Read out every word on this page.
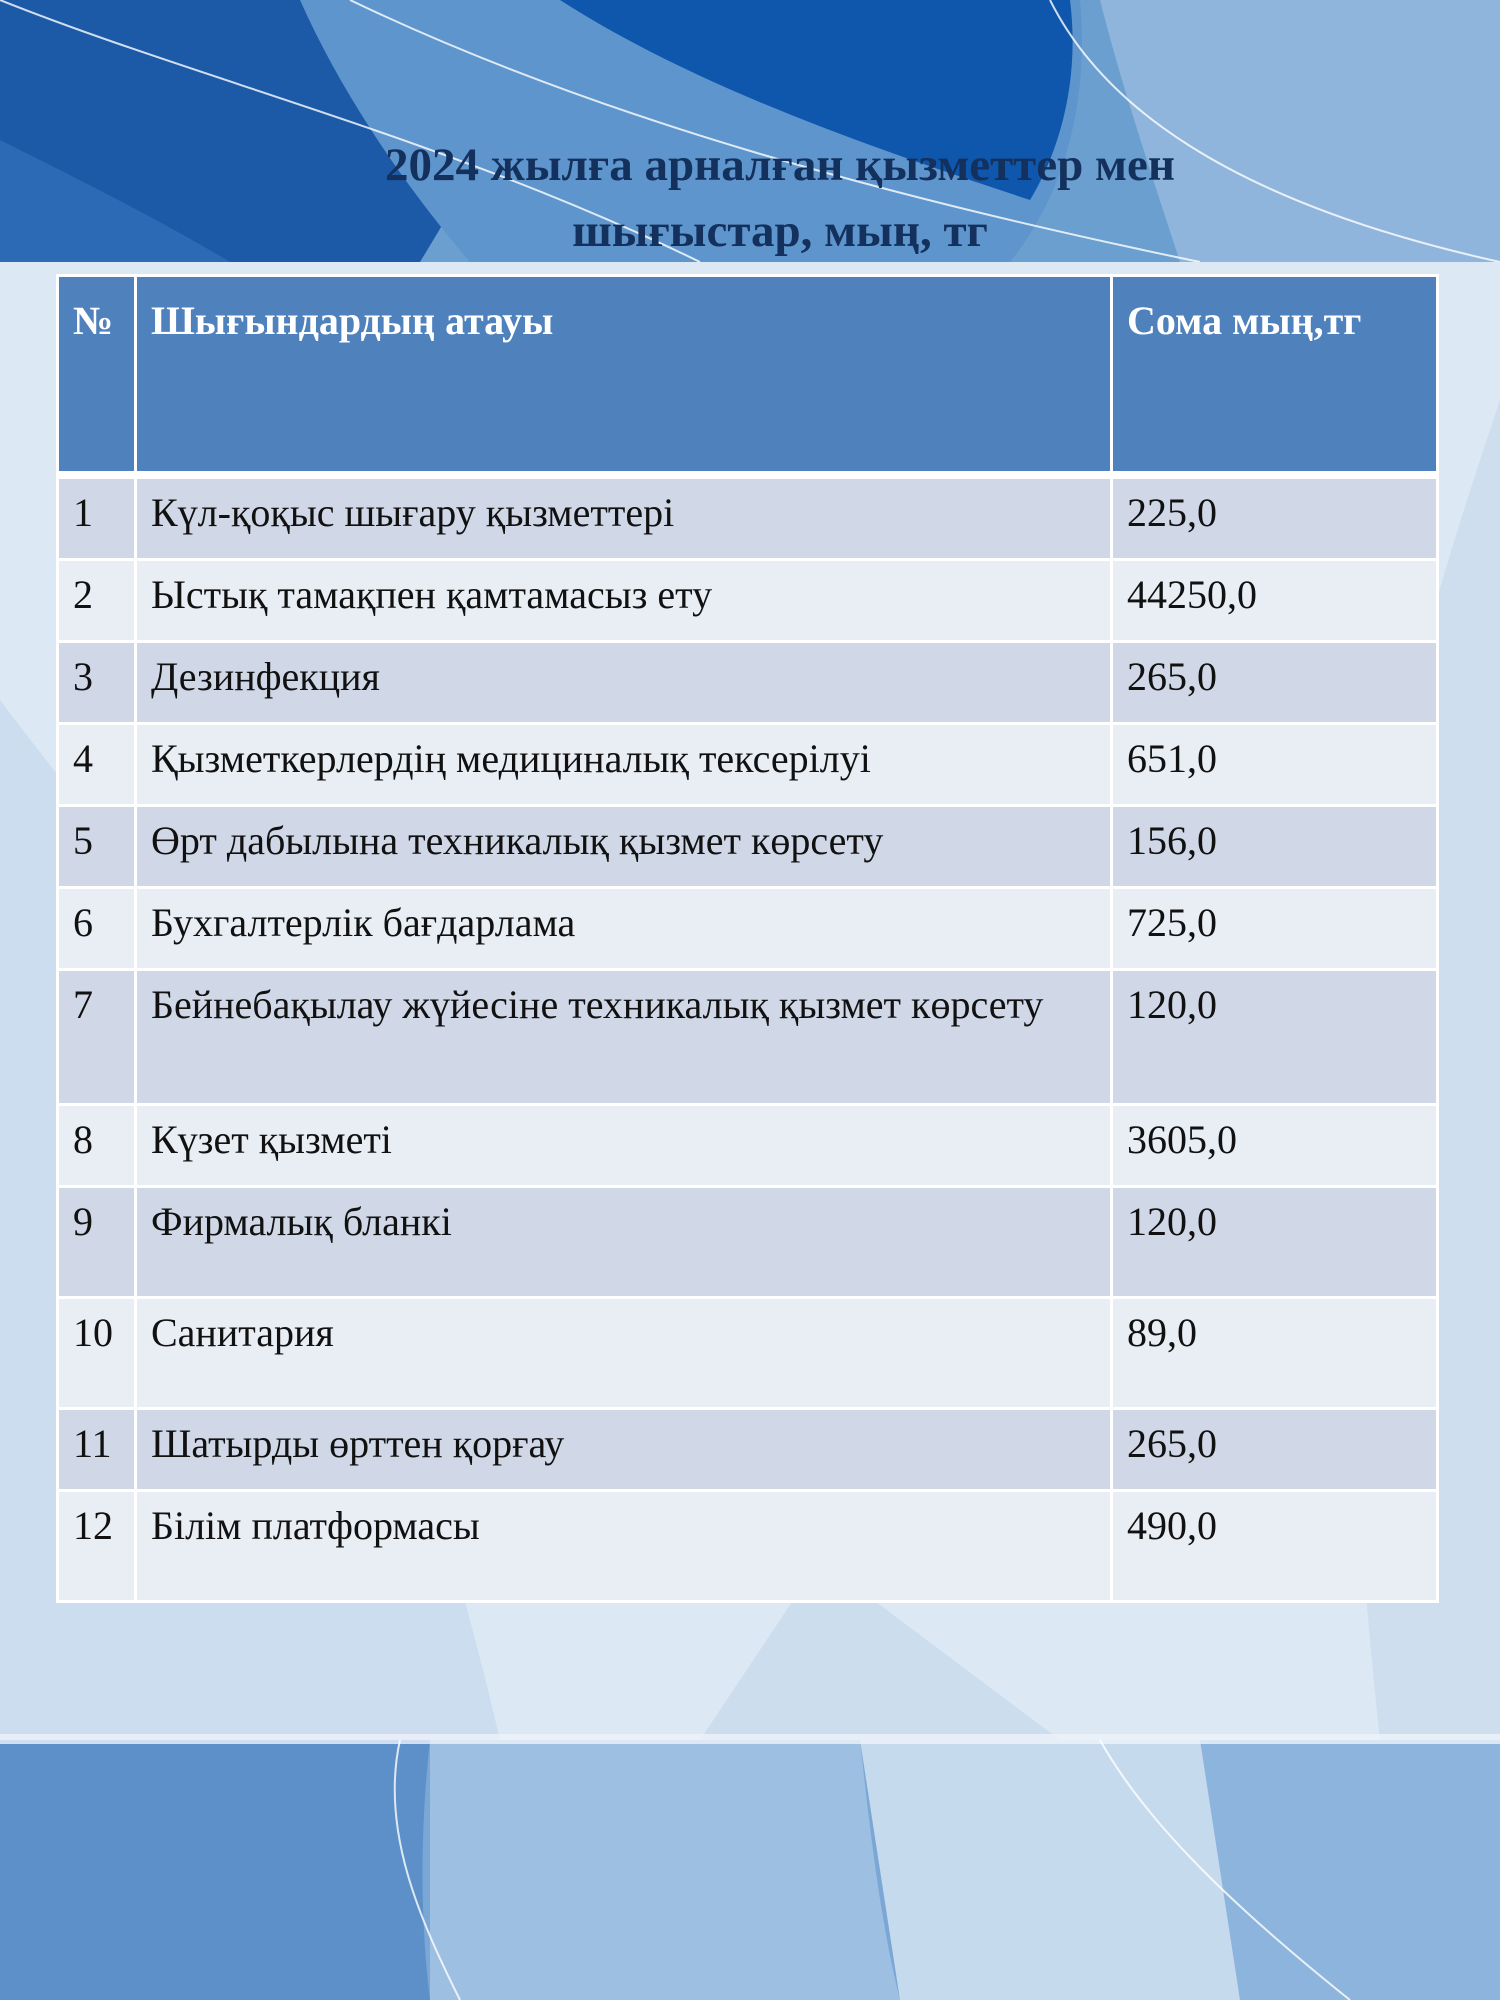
2024 жылға арналған қызметтер мен
шығыстар, мың, тг
№	Шығындардың атауы	Сома мың,тг
1	Күл-қоқыс шығару қызметтері	225,0
2	Ыстық тамақпен қамтамасыз ету	44250,0
3	Дезинфекция	265,0
4	Қызметкерлердің медициналық тексерілуі	651,0
5	Өрт дабылына техникалық қызмет көрсету	156,0
6	Бухгалтерлік бағдарлама	725,0
7	Бейнебақылау жүйесіне техникалық қызмет көрсету	120,0
8	Күзет қызметі	3605,0
9	Фирмалық бланкі	120,0
10	Санитария	89,0
11	Шатырды өрттен қорғау	265,0
12	Білім платформасы	490,0
